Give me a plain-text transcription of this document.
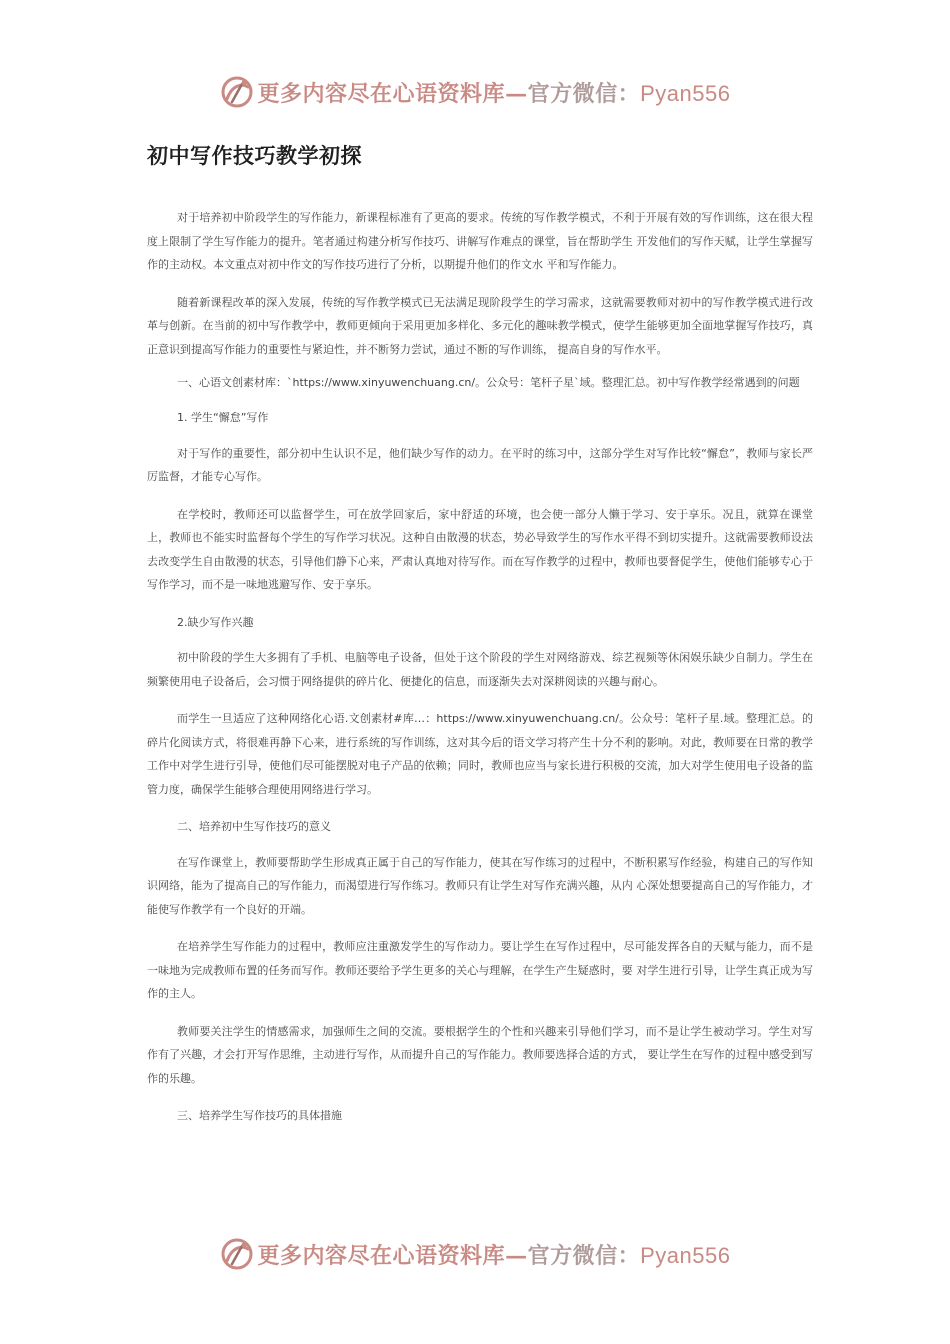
更多内容尽在心语资料库—官方微信：Pyan556
初中写作技巧教学初探

对于培养初中阶段学生的写作能力，新课程标准有了更高的要求。传统的写作教学模式，不利于开展有效的写作训练，这在很大程度上限制了学生写作能力的提升。笔者通过构建分析写作技巧、讲解写作难点的课堂，旨在帮助学生 开发他们的写作天赋，让学生掌握写作的主动权。本文重点对初中作文的写作技巧进行了分析，以期提升他们的作文水 平和写作能力。

随着新课程改革的深入发展，传统的写作教学模式已无法满足现阶段学生的学习需求，这就需要教师对初中的写作教学模式进行改革与创新。在当前的初中写作教学中，教师更倾向于采用更加多样化、多元化的趣味教学模式，使学生能够更加全面地掌握写作技巧，真正意识到提高写作能力的重要性与紧迫性，并不断努力尝试，通过不断的写作训练， 提高自身的写作水平。

一、心语文创素材库：`https://www.xinyuwenchuang.cn/。公众号：笔杆子星`域。整理汇总。初中写作教学经常遇到的问题

1. 学生“懈怠”写作

对于写作的重要性，部分初中生认识不足，他们缺少写作的动力。在平时的练习中，这部分学生对写作比较“懈怠”，教师与家长严厉监督，才能专心写作。

在学校时，教师还可以监督学生，可在放学回家后，家中舒适的环境，也会使一部分人懒于学习、安于享乐。况且，就算在课堂上，教师也不能实时监督每个学生的写作学习状况。这种自由散漫的状态，势必导致学生的写作水平得不到切实提升。这就需要教师设法去改变学生自由散漫的状态，引导他们静下心来，严肃认真地对待写作。而在写作教学的过程中，教师也要督促学生，使他们能够专心于写作学习，而不是一味地逃避写作、安于享乐。

2.缺少写作兴趣

初中阶段的学生大多拥有了手机、电脑等电子设备，但处于这个阶段的学生对网络游戏、综艺视频等休闲娱乐缺少自制力。学生在频繁使用电子设备后，会习惯于网络提供的碎片化、便捷化的信息，而逐渐失去对深耕阅读的兴趣与耐心。

而学生一旦适应了这种网络化心语.文创素材#库…：https://www.xinyuwenchuang.cn/。公众号：笔杆子星.域。整理汇总。的碎片化阅读方式，将很难再静下心来，进行系统的写作训练，这对其今后的语文学习将产生十分不利的影响。对此，教师要在日常的教学工作中对学生进行引导，使他们尽可能摆脱对电子产品的依赖；同时，教师也应当与家长进行积极的交流，加大对学生使用电子设备的监管力度，确保学生能够合理使用网络进行学习。

二、培养初中生写作技巧的意义

在写作课堂上，教师要帮助学生形成真正属于自己的写作能力，使其在写作练习的过程中，不断积累写作经验，构建自己的写作知识网络，能为了提高自己的写作能力，而渴望进行写作练习。教师只有让学生对写作充满兴趣，从内 心深处想要提高自己的写作能力，才能使写作教学有一个良好的开端。

在培养学生写作能力的过程中，教师应注重激发学生的写作动力。要让学生在写作过程中，尽可能发挥各自的天赋与能力，而不是一味地为完成教师布置的任务而写作。教师还要给予学生更多的关心与理解，在学生产生疑惑时，要 对学生进行引导，让学生真正成为写作的主人。

教师要关注学生的情感需求，加强师生之间的交流。要根据学生的个性和兴趣来引导他们学习，而不是让学生被动学习。学生对写作有了兴趣，才会打开写作思维，主动进行写作，从而提升自己的写作能力。教师要选择合适的方式， 要让学生在写作的过程中感受到写作的乐趣。

三、培养学生写作技巧的具体措施

更多内容尽在心语资料库—官方微信：Pyan556
